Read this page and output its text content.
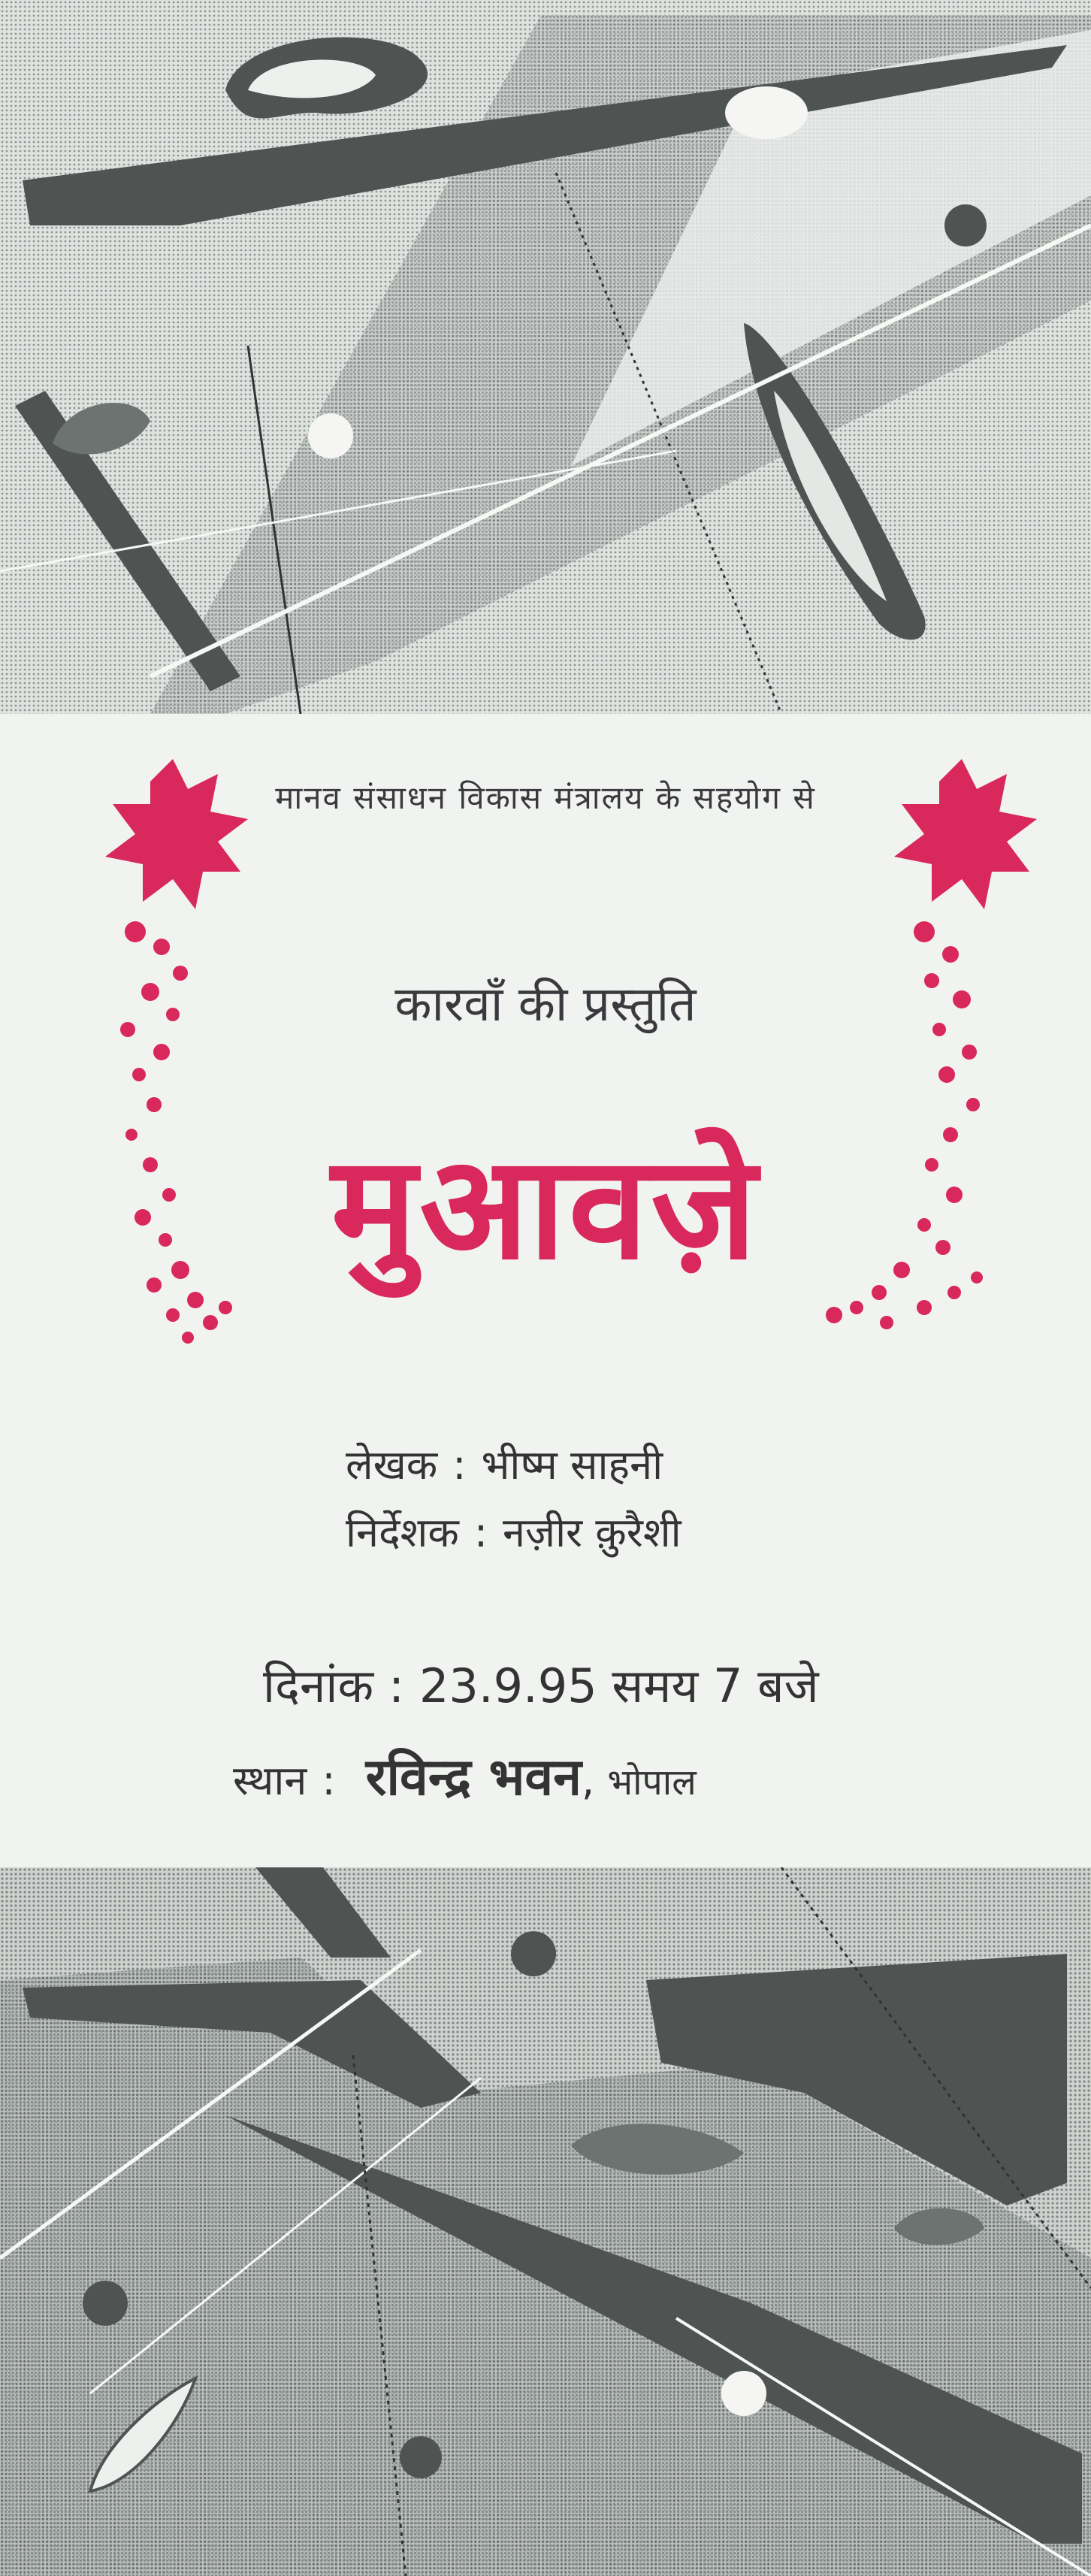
मानव संसाधन विकास मंत्रालय के सहयोग से

कारवाँ की प्रस्तुति

मुआवज़े

लेखक : भीष्म साहनी
निर्देशक : नज़ीर क़ुरैशी
दिनांक : 23.9.95 समय 7 बजे
स्थान : रविन्द्र भवन, भोपाल
